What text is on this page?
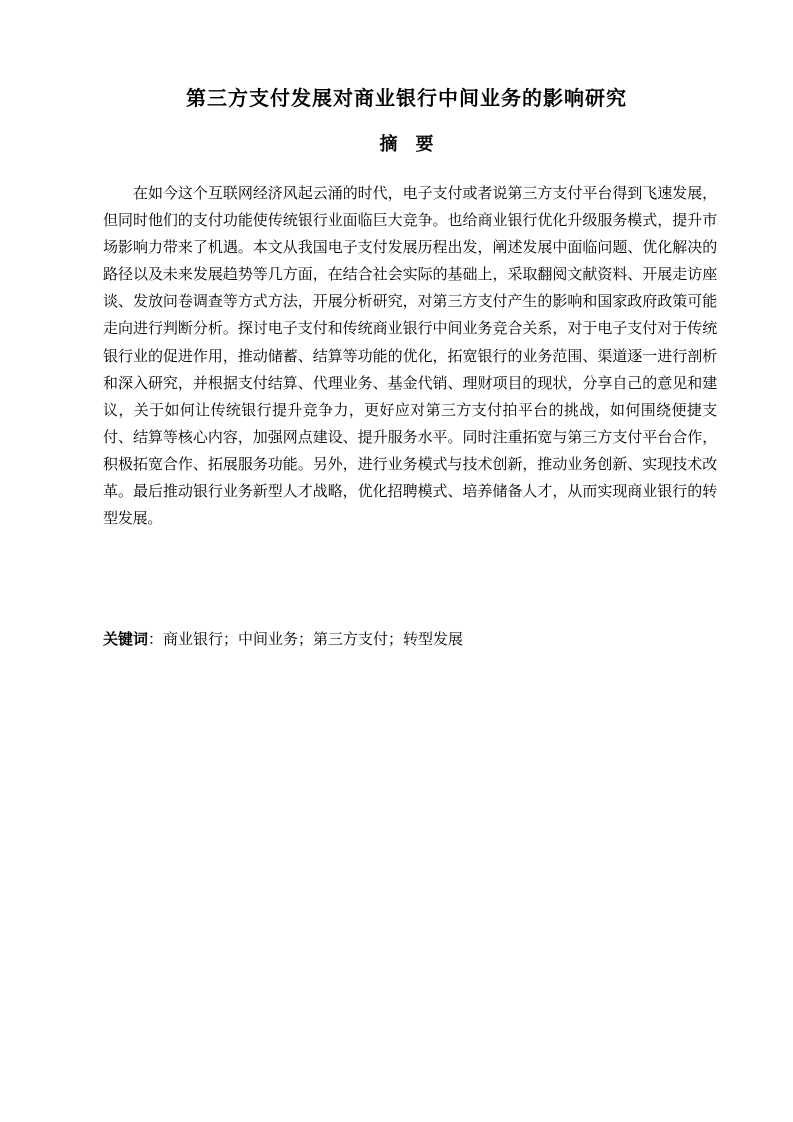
第三方支付发展对商业银行中间业务的影响研究
摘要

在如今这个互联网经济风起云涌的时代，电子支付或者说第三方支付平台得到飞速发展，但同时他们的支付功能使传统银行业面临巨大竞争。也给商业银行优化升级服务模式，提升市场影响力带来了机遇。本文从我国电子支付发展历程出发，阐述发展中面临问题、优化解决的路径以及未来发展趋势等几方面，在结合社会实际的基础上，采取翻阅文献资料、开展走访座谈、发放问卷调查等方式方法，开展分析研究，对第三方支付产生的影响和国家政府政策可能走向进行判断分析。探讨电子支付和传统商业银行中间业务竞合关系，对于电子支付对于传统银行业的促进作用，推动储蓄、结算等功能的优化，拓宽银行的业务范围、渠道逐一进行剖析和深入研究，并根据支付结算、代理业务、基金代销、理财项目的现状，分享自己的意见和建议，关于如何让传统银行提升竞争力，更好应对第三方支付拍平台的挑战，如何围绕便捷支付、结算等核心内容，加强网点建设、提升服务水平。同时注重拓宽与第三方支付平台合作，积极拓宽合作、拓展服务功能。另外，进行业务模式与技术创新，推动业务创新、实现技术改革。最后推动银行业务新型人才战略，优化招聘模式、培养储备人才，从而实现商业银行的转型发展。

关键词：商业银行；中间业务；第三方支付；转型发展
